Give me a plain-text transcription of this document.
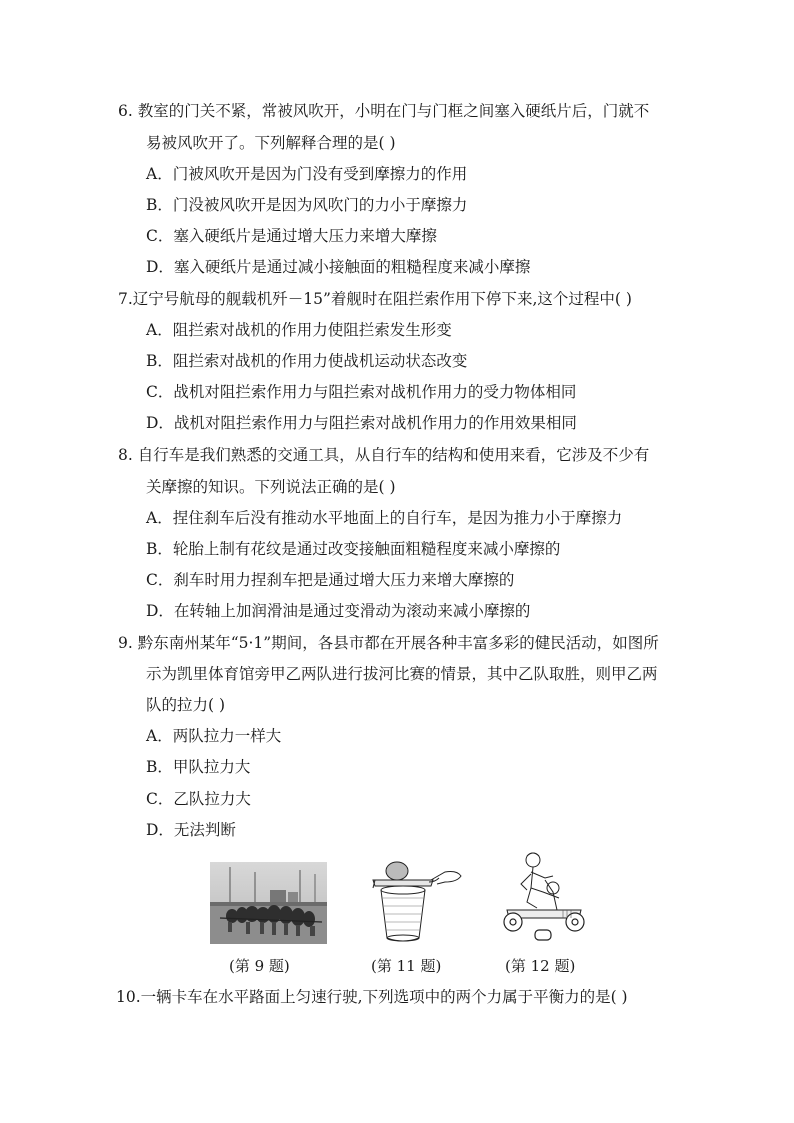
6. 教室的门关不紧，常被风吹开，小明在门与门框之间塞入硬纸片后，门就不
易被风吹开了。下列解释合理的是( )
A．门被风吹开是因为门没有受到摩擦力的作用
B．门没被风吹开是因为风吹门的力小于摩擦力
C．塞入硬纸片是通过增大压力来增大摩擦
D．塞入硬纸片是通过减小接触面的粗糙程度来减小摩擦
7.辽宁号航母的舰载机歼－15”着舰时在阻拦索作用下停下来,这个过程中( )
A．阻拦索对战机的作用力使阻拦索发生形变
B．阻拦索对战机的作用力使战机运动状态改变
C．战机对阻拦索作用力与阻拦索对战机作用力的受力物体相同
D．战机对阻拦索作用力与阻拦索对战机作用力的作用效果相同
8. 自行车是我们熟悉的交通工具，从自行车的结构和使用来看，它涉及不少有
关摩擦的知识。下列说法正确的是( )
A．捏住刹车后没有推动水平地面上的自行车，是因为推力小于摩擦力
B．轮胎上制有花纹是通过改变接触面粗糙程度来减小摩擦的
C．刹车时用力捏刹车把是通过增大压力来增大摩擦的
D．在转轴上加润滑油是通过变滑动为滚动来减小摩擦的
9. 黔东南州某年“5·1”期间，各县市都在开展各种丰富多彩的健民活动，如图所
示为凯里体育馆旁甲乙两队进行拔河比赛的情景，其中乙队取胜，则甲乙两
队的拉力( )
A．两队拉力一样大
B．甲队拉力大
C．乙队拉力大
D．无法判断
(第 9 题)	(第 11 题)	(第 12 题)
10.一辆卡车在水平路面上匀速行驶,下列选项中的两个力属于平衡力的是( )
